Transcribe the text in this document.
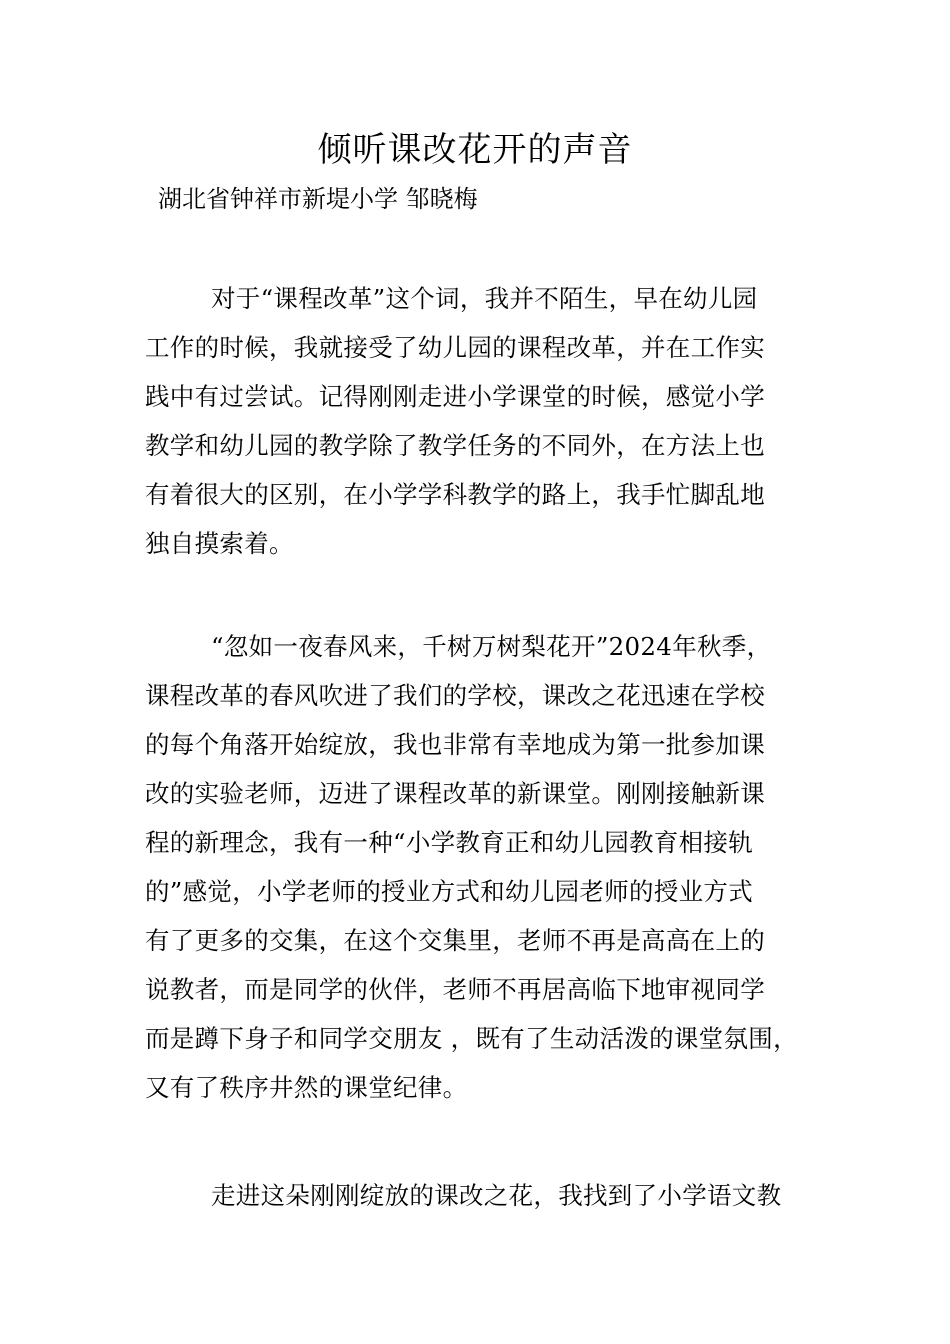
倾听课改花开的声音
湖北省钟祥市新堤小学 邹晓梅
对于“课程改革”这个词，我并不陌生，早在幼儿园
工作的时候，我就接受了幼儿园的课程改革，并在工作实
践中有过尝试。记得刚刚走进小学课堂的时候，感觉小学
教学和幼儿园的教学除了教学任务的不同外，在方法上也
有着很大的区别，在小学学科教学的路上，我手忙脚乱地
独自摸索着。
“忽如一夜春风来，千树万树梨花开”2024年秋季，
课程改革的春风吹进了我们的学校，课改之花迅速在学校
的每个角落开始绽放，我也非常有幸地成为第一批参加课
改的实验老师，迈进了课程改革的新课堂。刚刚接触新课
程的新理念，我有一种“小学教育正和幼儿园教育相接轨
的”感觉，小学老师的授业方式和幼儿园老师的授业方式
有了更多的交集，在这个交集里，老师不再是高高在上的
说教者，而是同学的伙伴，老师不再居高临下地审视同学
而是蹲下身子和同学交朋友 ，既有了生动活泼的课堂氛围，
又有了秩序井然的课堂纪律。
走进这朵刚刚绽放的课改之花，我找到了小学语文教
